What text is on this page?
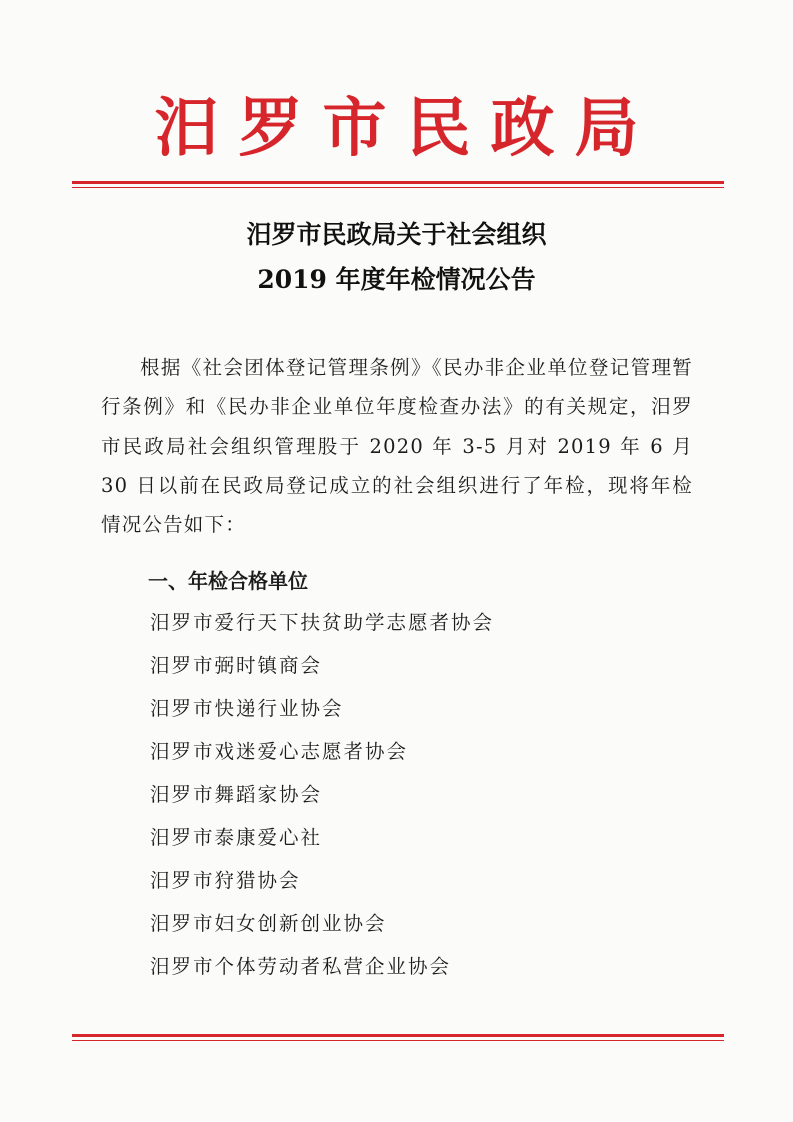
汨罗市民政局
汨罗市民政局关于社会组织
2019 年度年检情况公告
根据《社会团体登记管理条例》《民办非企业单位登记管理暂行条例》和《民办非企业单位年度检查办法》的有关规定，汨罗市民政局社会组织管理股于 2020 年 3-5 月对 2019 年 6 月 30 日以前在民政局登记成立的社会组织进行了年检，现将年检情况公告如下：
一、年检合格单位
汨罗市爱行天下扶贫助学志愿者协会
汨罗市弼时镇商会
汨罗市快递行业协会
汨罗市戏迷爱心志愿者协会
汨罗市舞蹈家协会
汨罗市泰康爱心社
汨罗市狩猎协会
汨罗市妇女创新创业协会
汨罗市个体劳动者私营企业协会
